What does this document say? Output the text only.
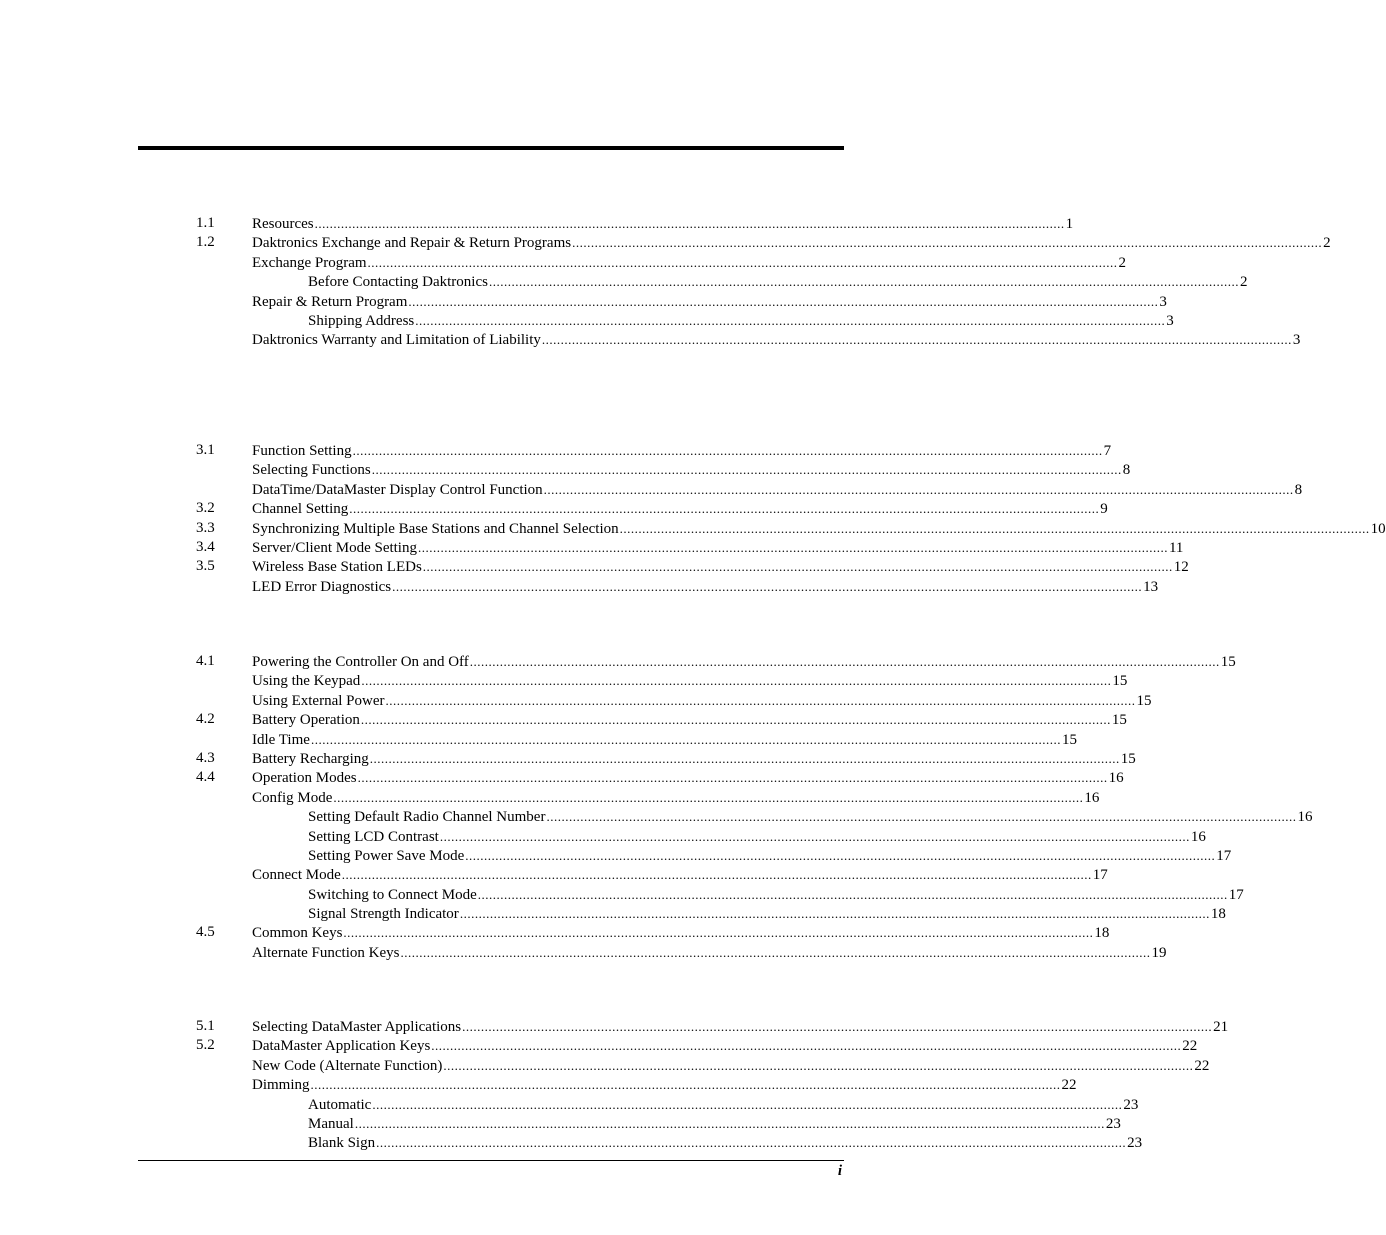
1.1 Resources ........................................................................................................................................................................................................ 1
1.2 Daktronics Exchange and Repair & Return Programs ........................................................................................................................................................................................................ 2
Exchange Program ........................................................................................................................................................................................................ 2
Before Contacting Daktronics ........................................................................................................................................................................................................ 2
Repair & Return Program ........................................................................................................................................................................................................ 3
Shipping Address ........................................................................................................................................................................................................ 3
Daktronics Warranty and Limitation of Liability ........................................................................................................................................................................................................ 3
3.1 Function Setting ........................................................................................................................................................................................................ 7
Selecting Functions ........................................................................................................................................................................................................ 8
DataTime/DataMaster Display Control Function ........................................................................................................................................................................................................ 8
3.2 Channel Setting ........................................................................................................................................................................................................ 9
3.3 Synchronizing Multiple Base Stations and Channel Selection ........................................................................................................................................................................................................ 10
3.4 Server/Client Mode Setting ........................................................................................................................................................................................................ 11
3.5 Wireless Base Station LEDs ........................................................................................................................................................................................................ 12
LED Error Diagnostics ........................................................................................................................................................................................................ 13
4.1 Powering the Controller On and Off ........................................................................................................................................................................................................ 15
Using the Keypad ........................................................................................................................................................................................................ 15
Using External Power ........................................................................................................................................................................................................ 15
4.2 Battery Operation ........................................................................................................................................................................................................ 15
Idle Time ........................................................................................................................................................................................................ 15
4.3 Battery Recharging ........................................................................................................................................................................................................ 15
4.4 Operation Modes ........................................................................................................................................................................................................ 16
Config Mode ........................................................................................................................................................................................................ 16
Setting Default Radio Channel Number ........................................................................................................................................................................................................ 16
Setting LCD Contrast ........................................................................................................................................................................................................ 16
Setting Power Save Mode ........................................................................................................................................................................................................ 17
Connect Mode ........................................................................................................................................................................................................ 17
Switching to Connect Mode ........................................................................................................................................................................................................ 17
Signal Strength Indicator ........................................................................................................................................................................................................ 18
4.5 Common Keys ........................................................................................................................................................................................................ 18
Alternate Function Keys ........................................................................................................................................................................................................ 19
5.1 Selecting DataMaster Applications ........................................................................................................................................................................................................ 21
5.2 DataMaster Application Keys ........................................................................................................................................................................................................ 22
New Code (Alternate Function) ........................................................................................................................................................................................................ 22
Dimming ........................................................................................................................................................................................................ 22
Automatic ........................................................................................................................................................................................................ 23
Manual ........................................................................................................................................................................................................ 23
Blank Sign ........................................................................................................................................................................................................ 23
i
